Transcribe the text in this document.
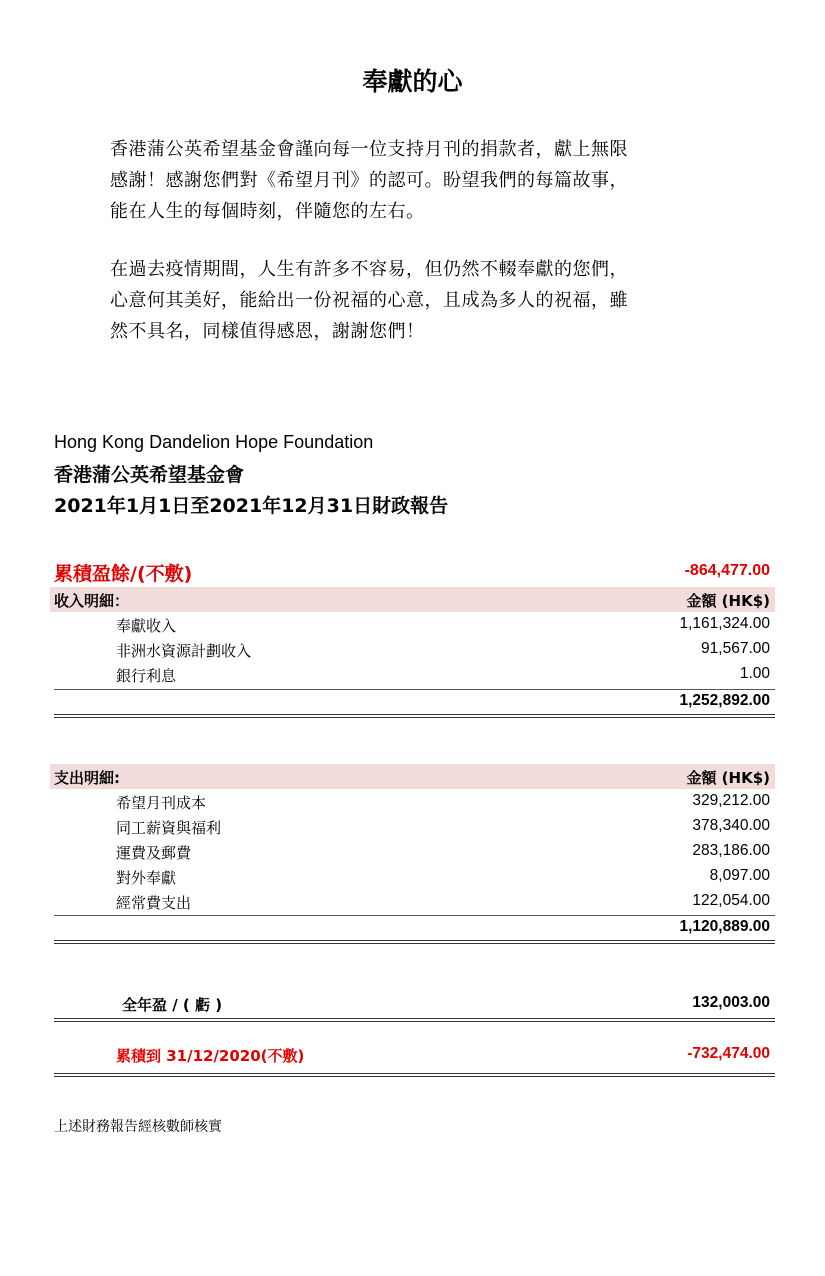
奉獻的心
香港蒲公英希望基金會謹向每一位支持月刊的捐款者，獻上無限
感謝！感謝您們對《希望月刊》的認可。盼望我們的每篇故事，
能在人生的每個時刻，伴隨您的左右。
在過去疫情期間，人生有許多不容易，但仍然不輟奉獻的您們，
心意何其美好，能給出一份祝福的心意，且成為多人的祝福，雖
然不具名，同樣值得感恩，謝謝您們！
Hong Kong Dandelion Hope Foundation
香港蒲公英希望基金會
2021年1月1日至2021年12月31日財政報告
累積盈餘/(不敷)	-864,477.00
收入明細：	金額 (HK$)
奉獻收入	1,161,324.00
非洲水資源計劃收入	91,567.00
銀行利息	1.00
1,252,892.00
支出明細:	金額 (HK$)
希望月刊成本	329,212.00
同工薪資與福利	378,340.00
運費及郵費	283,186.00
對外奉獻	8,097.00
經常費支出	122,054.00
1,120,889.00
全年盈 / ( 虧 )	132,003.00
累積到 31/12/2020(不敷)	-732,474.00
上述財務報告經核數師核實
